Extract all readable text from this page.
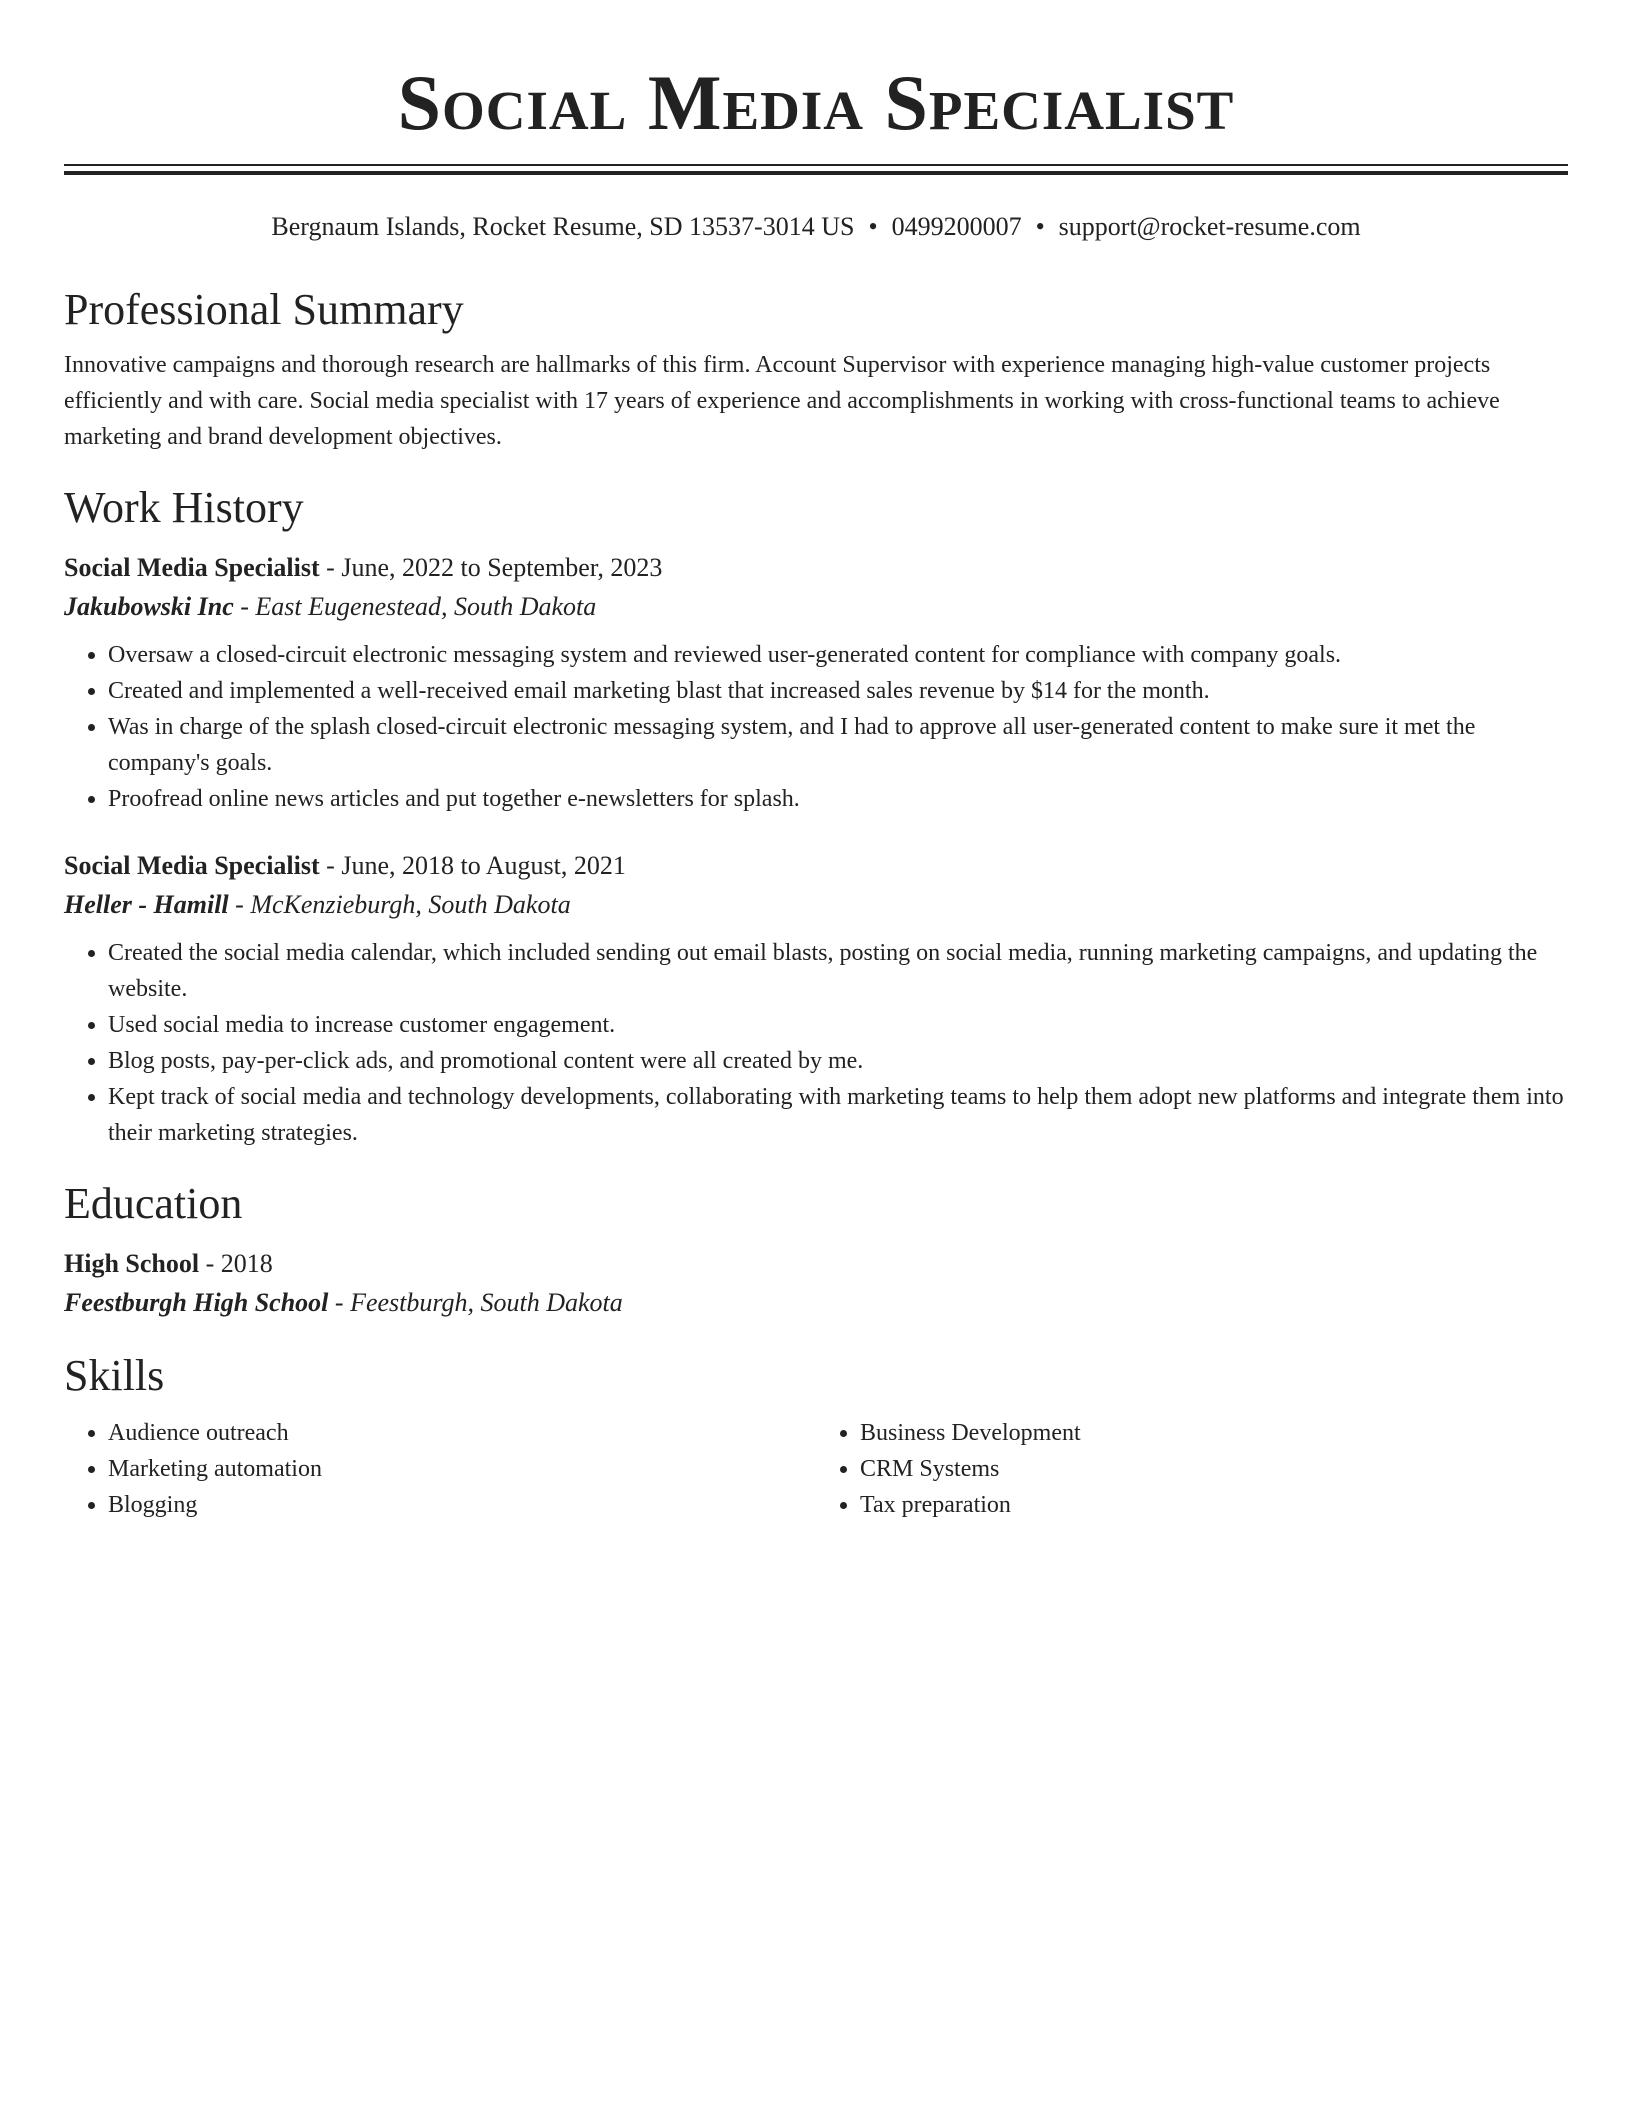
Social Media Specialist
Bergnaum Islands, Rocket Resume, SD 13537-3014 US • 0499200007 • support@rocket-resume.com
Professional Summary

Innovative campaigns and thorough research are hallmarks of this firm. Account Supervisor with experience managing high-value customer projects efficiently and with care. Social media specialist with 17 years of experience and accomplishments in working with cross-functional teams to achieve marketing and brand development objectives.

Work History
Social Media Specialist - June, 2022 to September, 2023
Jakubowski Inc - East Eugenestead, South Dakota
• Oversaw a closed-circuit electronic messaging system and reviewed user-generated content for compliance with company goals.
• Created and implemented a well-received email marketing blast that increased sales revenue by $14 for the month.
• Was in charge of the splash closed-circuit electronic messaging system, and I had to approve all user-generated content to make sure it met the company's goals.
• Proofread online news articles and put together e-newsletters for splash.
Social Media Specialist - June, 2018 to August, 2021
Heller - Hamill - McKenzieburgh, South Dakota
• Created the social media calendar, which included sending out email blasts, posting on social media, running marketing campaigns, and updating the website.
• Used social media to increase customer engagement.
• Blog posts, pay-per-click ads, and promotional content were all created by me.
• Kept track of social media and technology developments, collaborating with marketing teams to help them adopt new platforms and integrate them into their marketing strategies.
Education
High School - 2018
Feestburgh High School - Feestburgh, South Dakota
Skills
• Audience outreach
• Marketing automation
• Blogging
• Business Development
• CRM Systems
• Tax preparation
